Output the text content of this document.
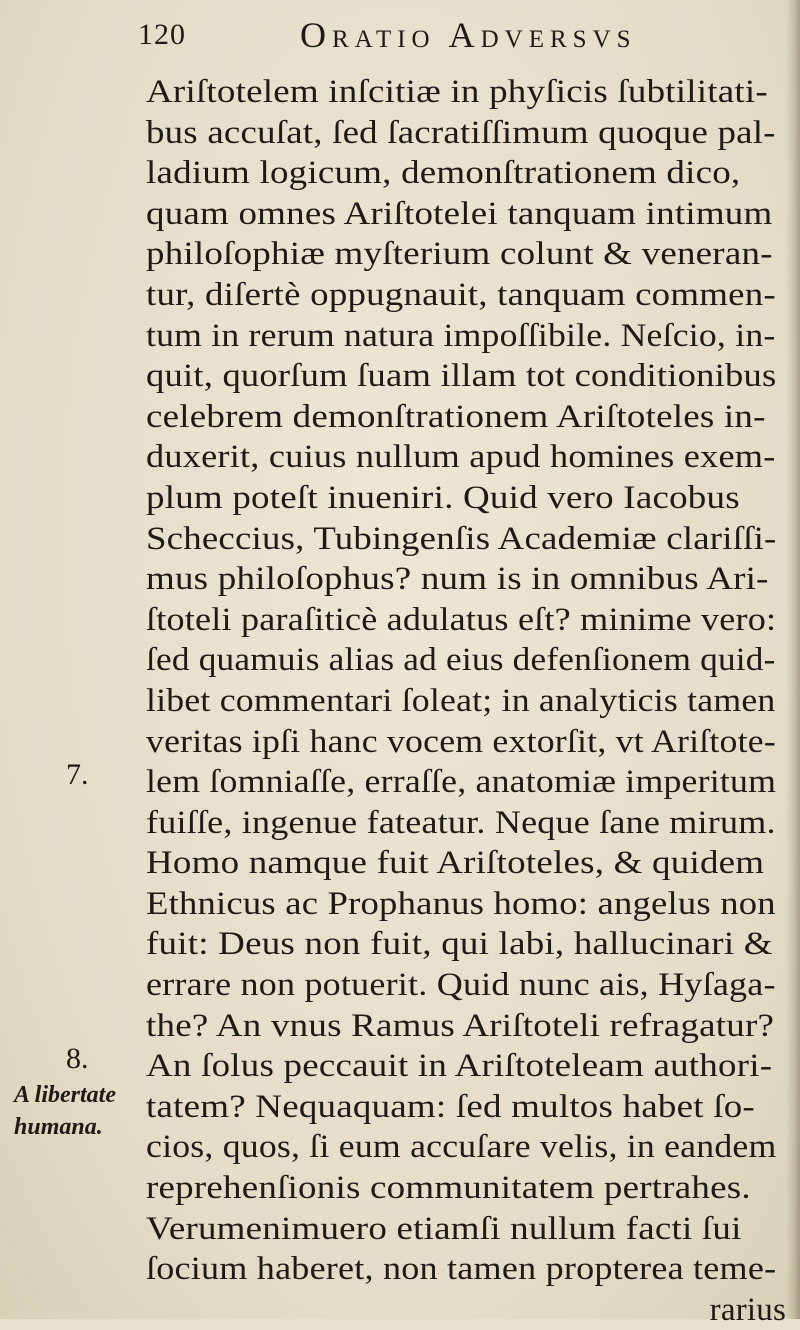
120	Oratio Adversvs
7.
8.
A libertate
humana.
Ariſtotelem inſcitiæ in phyſicis ſubtilitati-
bus accuſat, ſed ſacratiſſimum quoque pal-
ladium logicum, demonſtrationem dico,
quam omnes Ariſtotelei tanquam intimum
philoſophiæ myſterium colunt & veneran-
tur, diſertè oppugnauit, tanquam commen-
tum in rerum natura impoſſibile. Neſcio, in-
quit, quorſum ſuam illam tot conditionibus
celebrem demonſtrationem Ariſtoteles in-
duxerit, cuius nullum apud homines exem-
plum poteſt inueniri. Quid vero Iacobus
Scheccius, Tubingenſis Academiæ clariſſi-
mus philoſophus? num is in omnibus Ari-
ſtoteli paraſiticè adulatus eſt? minime vero:
ſed quamuis alias ad eius defenſionem quid-
libet commentari ſoleat; in analyticis tamen
veritas ipſi hanc vocem extorſit, vt Ariſtote-
lem ſomniaſſe, erraſſe, anatomiæ imperitum
fuiſſe, ingenue fateatur. Neque ſane mirum.
Homo namque fuit Ariſtoteles, & quidem
Ethnicus ac Prophanus homo: angelus non
fuit: Deus non fuit, qui labi, hallucinari &
errare non potuerit. Quid nunc ais, Hyſaga-
the? An vnus Ramus Ariſtoteli refragatur?
An ſolus peccauit in Ariſtoteleam authori-
tatem? Nequaquam: ſed multos habet ſo-
cios, quos, ſi eum accuſare velis, in eandem
reprehenſionis communitatem pertrahes.
Verumenimuero etiamſi nullum facti ſui
ſocium haberet, non tamen propterea teme-
rarius
